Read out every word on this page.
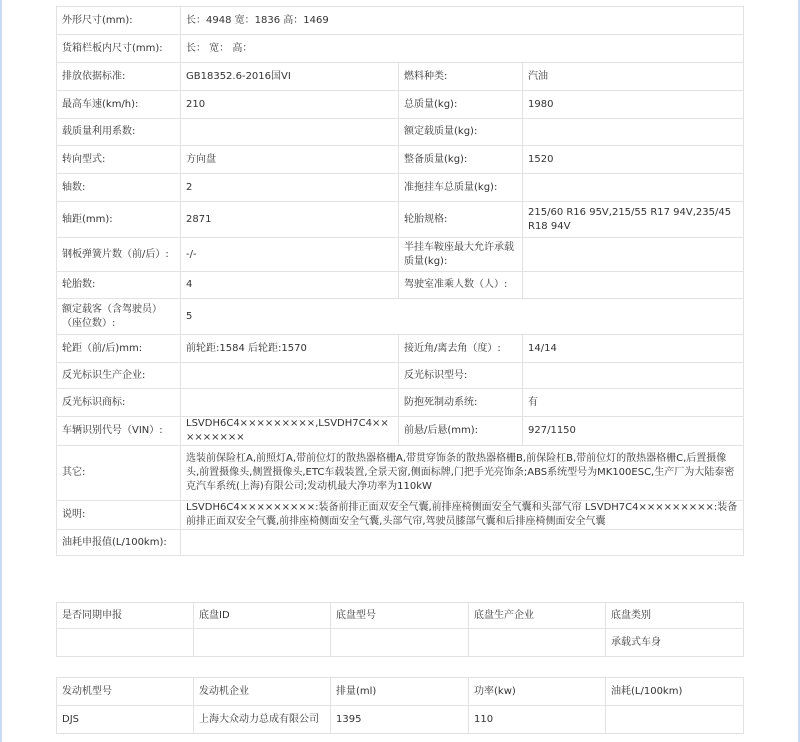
外形尺寸(mm):	长：4948 宽：1836 高：1469		
货箱栏板内尺寸(mm):	长： 宽： 高：		
排放依据标准:	GB18352.6-2016国VI	燃料种类:	汽油
最高车速(km/h):	210	总质量(kg):	1980
载质量利用系数:		额定载质量(kg):	
转向型式:	方向盘	整备质量(kg):	1520
轴数:	2	准拖挂车总质量(kg):	
轴距(mm):	2871	轮胎规格:	215/60 R16 95V,215/55 R17 94V,235/45 R18 94V
钢板弹簧片数（前/后）:	-/-	半挂车鞍座最大允许承载质量(kg):	
轮胎数:	4	驾驶室准乘人数（人）:	
额定载客（含驾驶员）（座位数）:	5		
轮距（前/后)mm:	前轮距:1584 后轮距:1570	接近角/离去角（度）:	14/14
反光标识生产企业:		反光标识型号:	
反光标识商标:		防抱死制动系统:	有
车辆识别代号（VIN）:	LSVDH6C4×××××××××,LSVDH7C4×××××××××	前悬/后悬(mm):	927/1150
其它:	选装前保险杠A,前照灯A,带前位灯的散热器格栅A,带贯穿饰条的散热器格栅B,前保险杠B,带前位灯的散热器格栅C,后置摄像头,前置摄像头,侧置摄像头,ETC车载装置,全景天窗,侧面标牌,门把手光亮饰条;ABS系统型号为MK100ESC,生产厂为大陆泰密克汽车系统(上海)有限公司;发动机最大净功率为110kW		
说明:	LSVDH6C4×××××××××:装备前排正面双安全气囊,前排座椅侧面安全气囊和头部气帘 LSVDH7C4×××××××××:装备前排正面双安全气囊,前排座椅侧面安全气囊,头部气帘,驾驶员膝部气囊和后排座椅侧面安全气囊		
油耗申报值(L/100km):			
是否同期申报	底盘ID	底盘型号	底盘生产企业	底盘类别
				承载式车身
发动机型号	发动机企业	排量(ml)	功率(kw)	油耗(L/100km)
DJS	上海大众动力总成有限公司	1395	110	
